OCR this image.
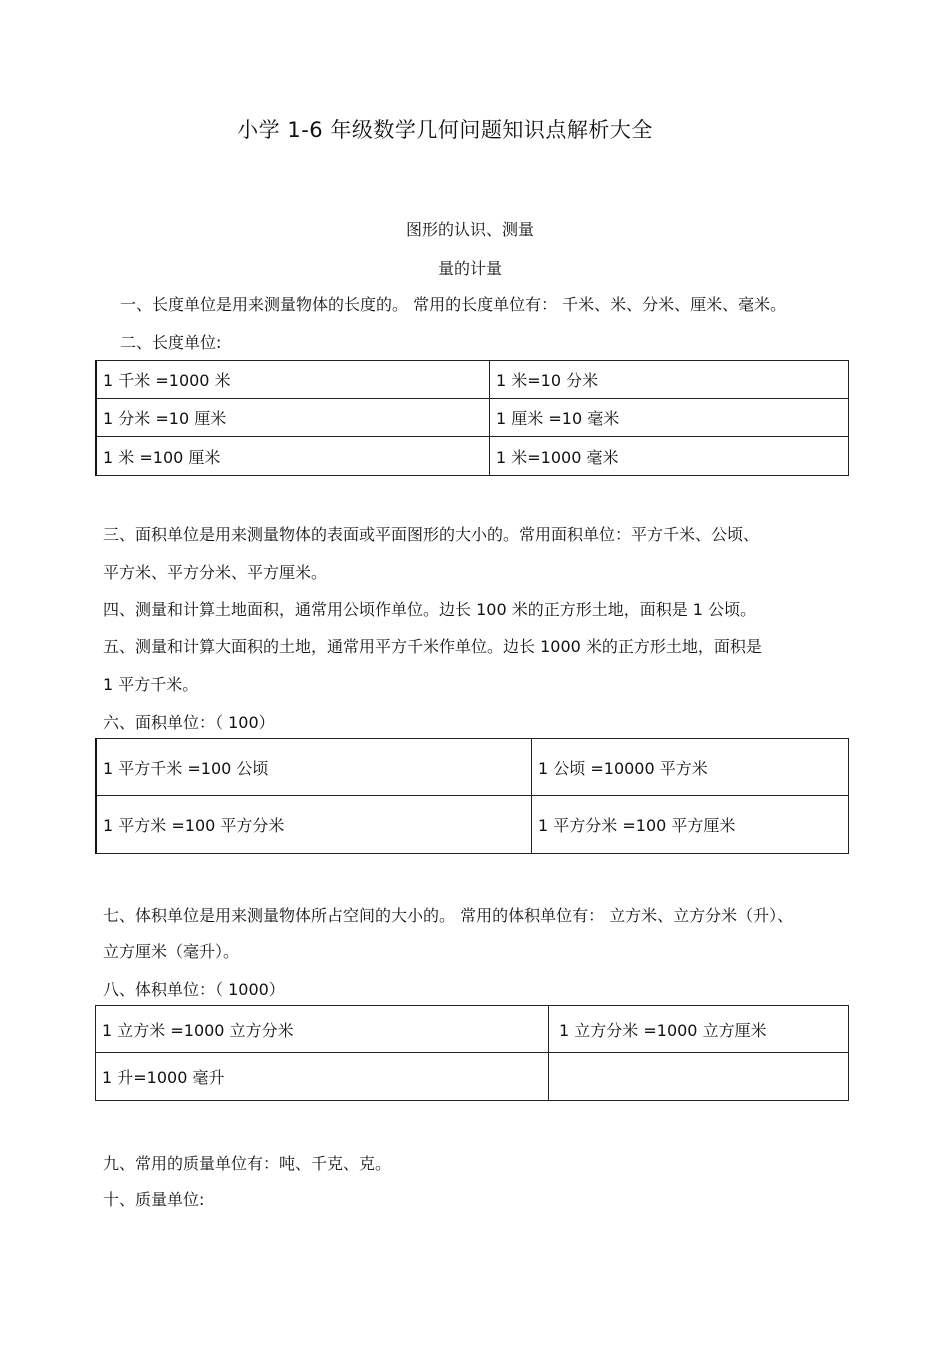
小学 1-6 年级数学几何问题知识点解析大全
图形的认识、测量
量的计量
一、长度单位是用来测量物体的长度的。 常用的长度单位有： 千米、米、分米、厘米、毫米。
二、长度单位:
1 千米 =1000 米	1 米=10 分米
1 分米 =10 厘米	1 厘米 =10 毫米
1 米 =100 厘米	1 米=1000 毫米
三、面积单位是用来测量物体的表面或平面图形的大小的。常用面积单位：平方千米、公顷、
平方米、平方分米、平方厘米。
四、测量和计算土地面积，通常用公顷作单位。边长 100 米的正方形土地，面积是 1 公顷。
五、测量和计算大面积的土地，通常用平方千米作单位。边长 1000 米的正方形土地，面积是
1 平方千米。
六、面积单位：（ 100）
1 平方千米 =100 公顷	1 公顷 =10000 平方米
1 平方米 =100 平方分米	1 平方分米 =100 平方厘米
七、体积单位是用来测量物体所占空间的大小的。 常用的体积单位有： 立方米、立方分米（升）、
立方厘米（毫升）。
八、体积单位：（ 1000）
1 立方米 =1000 立方分米	1 立方分米 =1000 立方厘米
1 升=1000 毫升	
九、常用的质量单位有：吨、千克、克。
十、质量单位:
